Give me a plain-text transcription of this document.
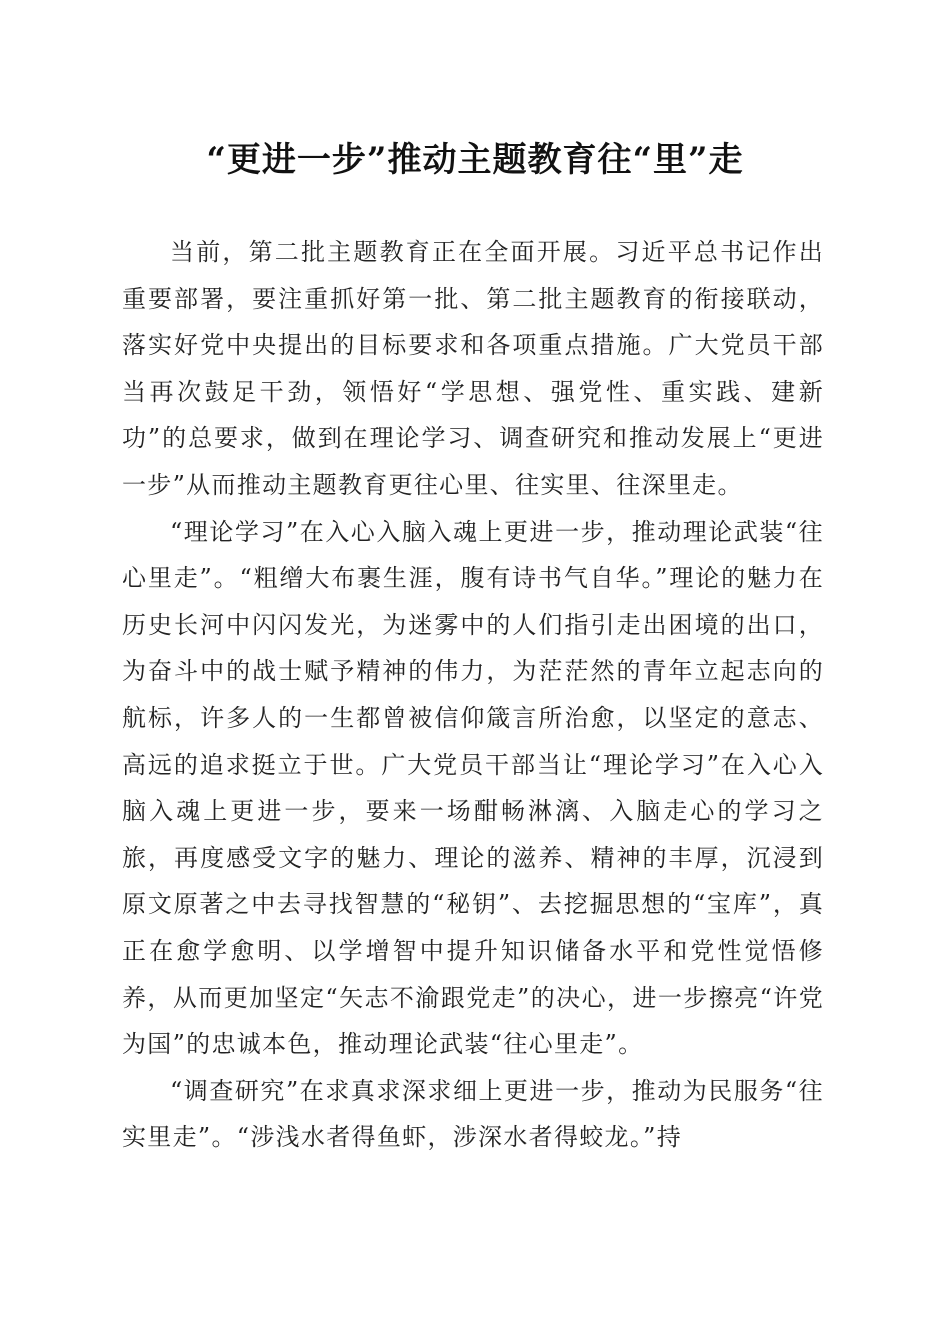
“更进一步”推动主题教育往“里”走

当前，第二批主题教育正在全面开展。习近平总书记作出重要部署，要注重抓好第一批、第二批主题教育的衔接联动，落实好党中央提出的目标要求和各项重点措施。广大党员干部当再次鼓足干劲，领悟好“学思想、强党性、重实践、建新功”的总要求，做到在理论学习、调查研究和推动发展上“更进一步”从而推动主题教育更往心里、往实里、往深里走。

“理论学习”在入心入脑入魂上更进一步，推动理论武装“往心里走”。“粗缯大布裹生涯，腹有诗书气自华。”理论的魅力在历史长河中闪闪发光，为迷雾中的人们指引走出困境的出口，为奋斗中的战士赋予精神的伟力，为茫茫然的青年立起志向的航标，许多人的一生都曾被信仰箴言所治愈，以坚定的意志、高远的追求挺立于世。广大党员干部当让“理论学习”在入心入脑入魂上更进一步，要来一场酣畅淋漓、入脑走心的学习之旅，再度感受文字的魅力、理论的滋养、精神的丰厚，沉浸到原文原著之中去寻找智慧的“秘钥”、去挖掘思想的“宝库”，真正在愈学愈明、以学增智中提升知识储备水平和党性觉悟修养，从而更加坚定“矢志不渝跟党走”的决心，进一步擦亮“许党为国”的忠诚本色，推动理论武装“往心里走”。

“调查研究”在求真求深求细上更进一步，推动为民服务“往实里走”。“涉浅水者得鱼虾，涉深水者得蛟龙。”持
